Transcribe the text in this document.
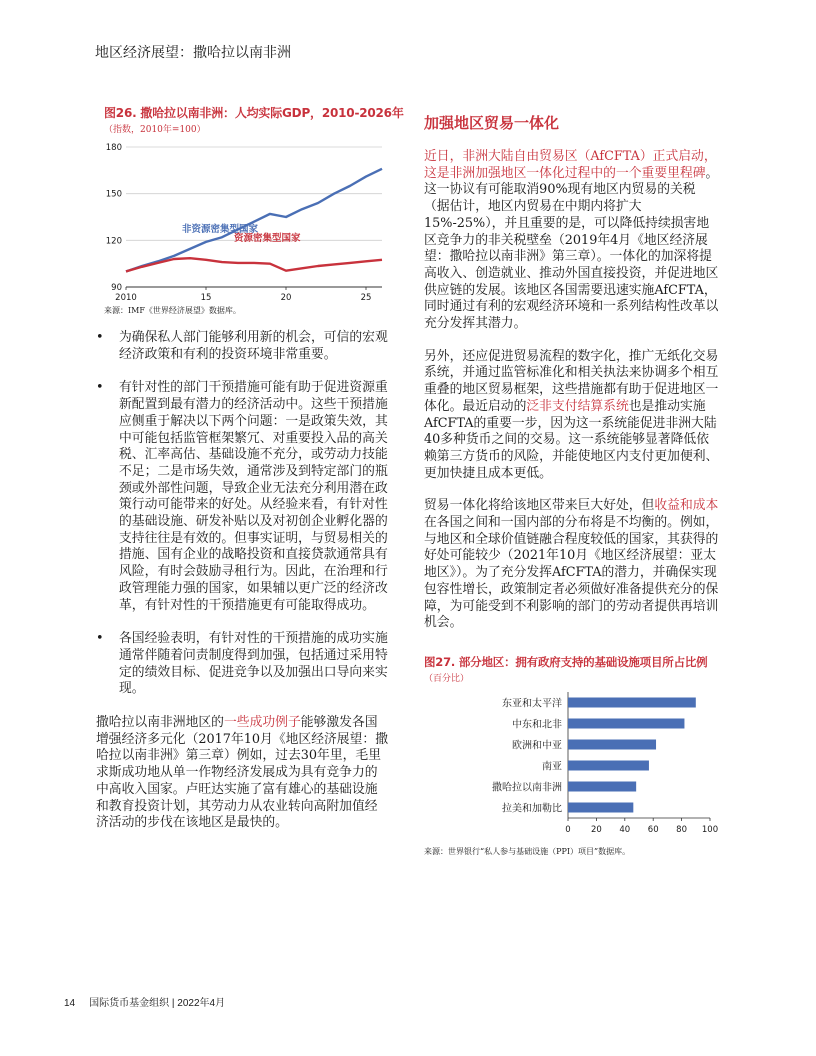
地区经济展望：撒哈拉以南非洲
图26. 撒哈拉以南非洲：人均实际GDP，2010-2026年
（指数，2010年=100）
90
120
150
180
2010	15	20	25
非资源密集型国家
资源密集型国家
来源：IMF《世界经济展望》数据库。
• 为确保私人部门能够利用新的机会，可信的宏观经济政策和有利的投资环境非常重要。
• 有针对性的部门干预措施可能有助于促进资源重新配置到最有潜力的经济活动中。这些干预措施应侧重于解决以下两个问题：一是政策失效，其中可能包括监管框架繁冗、对重要投入品的高关税、汇率高估、基础设施不充分，或劳动力技能不足；二是市场失效，通常涉及到特定部门的瓶颈或外部性问题，导致企业无法充分利用潜在政策行动可能带来的好处。从经验来看，有针对性的基础设施、研发补贴以及对初创企业孵化器的支持往往是有效的。但事实证明，与贸易相关的措施、国有企业的战略投资和直接贷款通常具有风险，有时会鼓励寻租行为。因此，在治理和行政管理能力强的国家，如果辅以更广泛的经济改革，有针对性的干预措施更有可能取得成功。
• 各国经验表明，有针对性的干预措施的成功实施通常伴随着问责制度得到加强，包括通过采用特定的绩效目标、促进竞争以及加强出口导向来实现。

撒哈拉以南非洲地区的一些成功例子能够激发各国增强经济多元化（2017年10月《地区经济展望：撒哈拉以南非洲》第三章）例如，过去30年里，毛里求斯成功地从单一作物经济发展成为具有竞争力的中高收入国家。卢旺达实施了富有雄心的基础设施和教育投资计划，其劳动力从农业转向高附加值经济活动的步伐在该地区是最快的。

加强地区贸易一体化

近日，非洲大陆自由贸易区（AfCFTA）正式启动，这是非洲加强地区一体化过程中的一个重要里程碑。这一协议有可能取消90%现有地区内贸易的关税（据估计，地区内贸易在中期内将扩大15%-25%），并且重要的是，可以降低持续损害地区竞争力的非关税壁垒（2019年4月《地区经济展望：撒哈拉以南非洲》第三章）。一体化的加深将提高收入、创造就业、推动外国直接投资，并促进地区供应链的发展。该地区各国需要迅速实施AfCFTA，同时通过有利的宏观经济环境和一系列结构性改革以充分发挥其潜力。

另外，还应促进贸易流程的数字化，推广无纸化交易系统，并通过监管标准化和相关执法来协调多个相互重叠的地区贸易框架，这些措施都有助于促进地区一体化。最近启动的泛非支付结算系统也是推动实施AfCFTA的重要一步，因为这一系统能促进非洲大陆40多种货币之间的交易。这一系统能够显著降低依赖第三方货币的风险，并能使地区内支付更加便利、更加快捷且成本更低。

贸易一体化将给该地区带来巨大好处，但收益和成本在各国之间和一国内部的分布将是不均衡的。例如，与地区和全球价值链融合程度较低的国家，其获得的好处可能较少（2021年10月《地区经济展望：亚太地区》）。为了充分发挥AfCFTA的潜力，并确保实现包容性增长，政策制定者必须做好准备提供充分的保障，为可能受到不利影响的部门的劳动者提供再培训机会。

图27. 部分地区：拥有政府支持的基础设施项目所占比例
（百分比）
东亚和太平洋
中东和北非
欧洲和中亚
南亚
撒哈拉以南非洲
拉美和加勒比
0 20 40 60 80 100
来源：世界银行“私人参与基础设施（PPI）项目”数据库。
14 国际货币基金组织 | 2022年4月
